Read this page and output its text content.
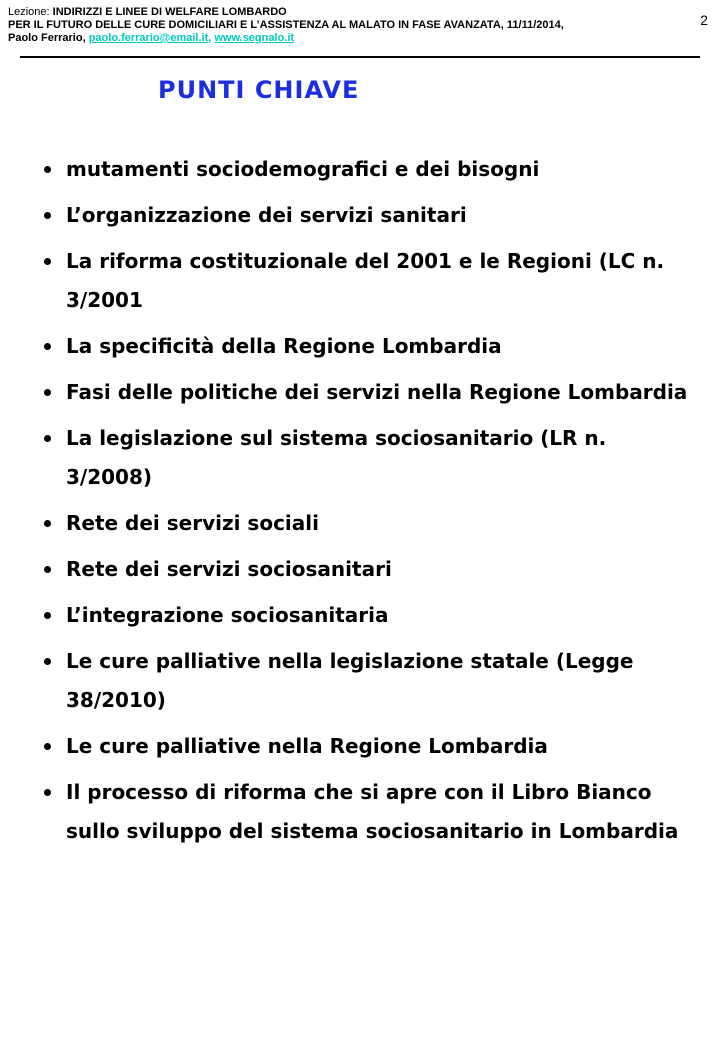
Lezione: INDIRIZZI E LINEE DI WELFARE LOMBARDO
PER IL FUTURO DELLE CURE DOMICILIARI E L’ASSISTENZA AL MALATO IN FASE AVANZATA, 11/11/2014,
Paolo Ferrario, paolo.ferrario@email.it, www.segnalo.it
2
PUNTI CHIAVE
mutamenti sociodemografici e dei bisogni
L’organizzazione dei servizi sanitari
La riforma costituzionale del 2001 e le Regioni (LC n. 3/2001
La specificità della Regione Lombardia
Fasi delle politiche dei servizi nella Regione Lombardia
La legislazione sul sistema sociosanitario (LR n. 3/2008)
Rete dei servizi sociali
Rete dei servizi sociosanitari
L’integrazione sociosanitaria
Le cure palliative nella legislazione statale (Legge 38/2010)
Le cure palliative nella Regione Lombardia
Il processo di riforma che si apre con il Libro Bianco sullo sviluppo del sistema sociosanitario in Lombardia
